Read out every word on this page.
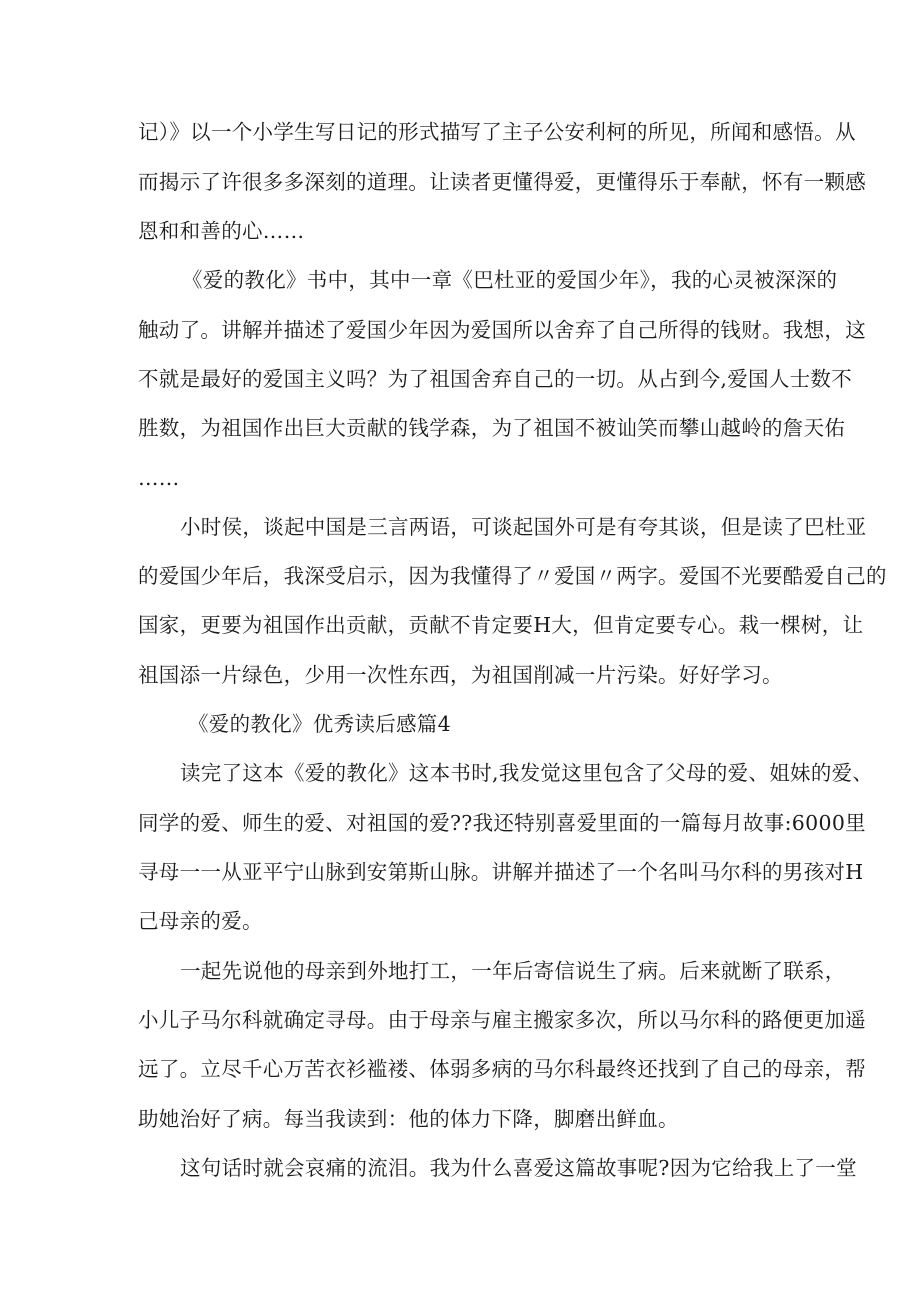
记）》以一个小学生写日记的形式描写了主子公安利柯的所见，所闻和感悟。从
而揭示了许很多多深刻的道理。让读者更懂得爱，更懂得乐于奉献，怀有一颗感
恩和和善的心……
《爱的教化》书中，其中一章《巴杜亚的爱国少年》，我的心灵被深深的
触动了。讲解并描述了爱国少年因为爱国所以舍弃了自己所得的钱财。我想，这
不就是最好的爱国主义吗？为了祖国舍弃自己的一切。从占到今,爱国人士数不
胜数，为祖国作出巨大贡献的钱学森，为了祖国不被讪笑而攀山越岭的詹天佑
……
小时侯，谈起中国是三言两语，可谈起国外可是有夸其谈，但是读了巴杜亚
的爱国少年后，我深受启示，因为我懂得了〃爱国〃两字。爱国不光要酷爱自己的
国家，更要为祖国作出贡献，贡献不肯定要H大，但肯定要专心。栽一棵树，让
祖国添一片绿色，少用一次性东西，为祖国削减一片污染。好好学习。
《爱的教化》优秀读后感篇4
读完了这本《爱的教化》这本书时,我发觉这里包含了父母的爱、姐妹的爱、
同学的爱、师生的爱、对祖国的爱??我还特别喜爱里面的一篇每月故事:6000里
寻母一一从亚平宁山脉到安第斯山脉。讲解并描述了一个名叫马尔科的男孩对H
己母亲的爱。
一起先说他的母亲到外地打工，一年后寄信说生了病。后来就断了联系，
小儿子马尔科就确定寻母。由于母亲与雇主搬家多次，所以马尔科的路便更加遥
远了。立尽千心万苦衣衫褴褛、体弱多病的马尔科最终还找到了自己的母亲，帮
助她治好了病。每当我读到：他的体力下降，脚磨出鲜血。
这句话时就会哀痛的流泪。我为什么喜爱这篇故事呢?因为它给我上了一堂
